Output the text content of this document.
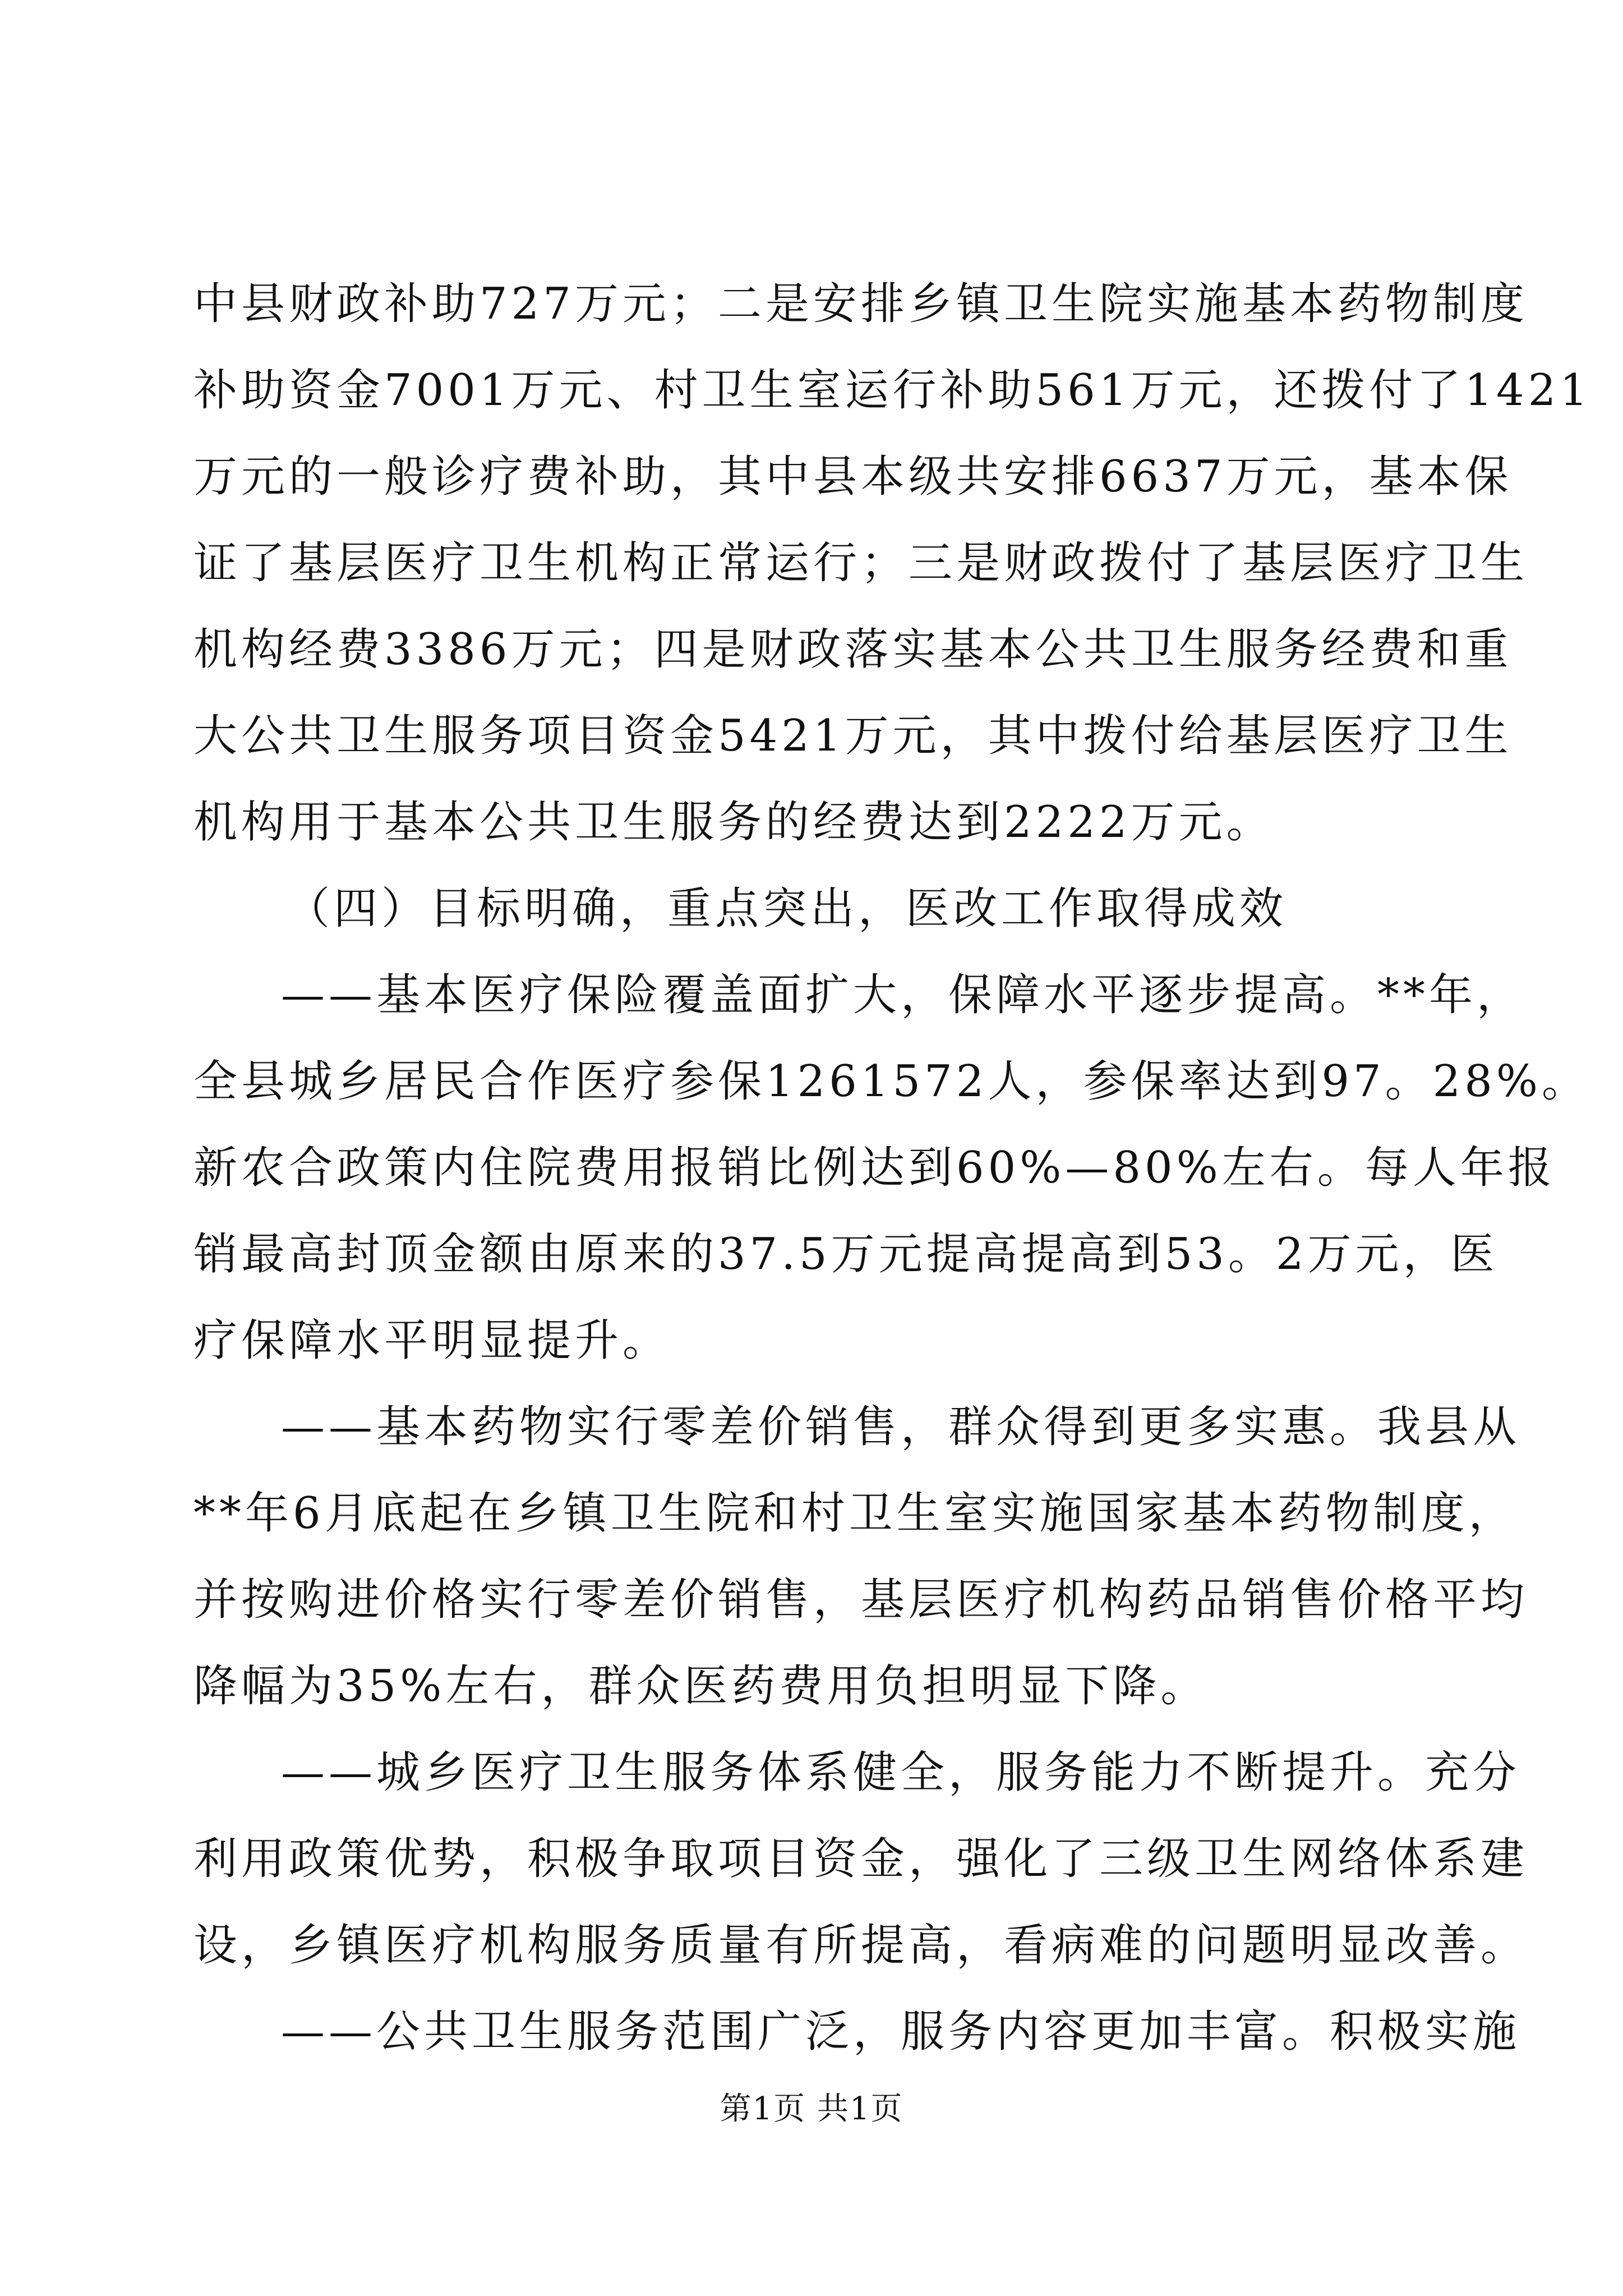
中县财政补助727万元；二是安排乡镇卫生院实施基本药物制度
补助资金7001万元、村卫生室运行补助561万元，还拨付了1421
万元的一般诊疗费补助，其中县本级共安排6637万元，基本保
证了基层医疗卫生机构正常运行；三是财政拨付了基层医疗卫生
机构经费3386万元；四是财政落实基本公共卫生服务经费和重
大公共卫生服务项目资金5421万元，其中拨付给基层医疗卫生
机构用于基本公共卫生服务的经费达到2222万元。
（四）目标明确，重点突出，医改工作取得成效
——基本医疗保险覆盖面扩大，保障水平逐步提高。**年，
全县城乡居民合作医疗参保1261572人，参保率达到97。28%。
新农合政策内住院费用报销比例达到60%—80%左右。每人年报
销最高封顶金额由原来的37.5万元提高提高到53。2万元，医
疗保障水平明显提升。
——基本药物实行零差价销售，群众得到更多实惠。我县从
**年6月底起在乡镇卫生院和村卫生室实施国家基本药物制度，
并按购进价格实行零差价销售，基层医疗机构药品销售价格平均
降幅为35%左右，群众医药费用负担明显下降。
——城乡医疗卫生服务体系健全，服务能力不断提升。充分
利用政策优势，积极争取项目资金，强化了三级卫生网络体系建
设，乡镇医疗机构服务质量有所提高，看病难的问题明显改善。
——公共卫生服务范围广泛，服务内容更加丰富。积极实施
第1页 共1页
